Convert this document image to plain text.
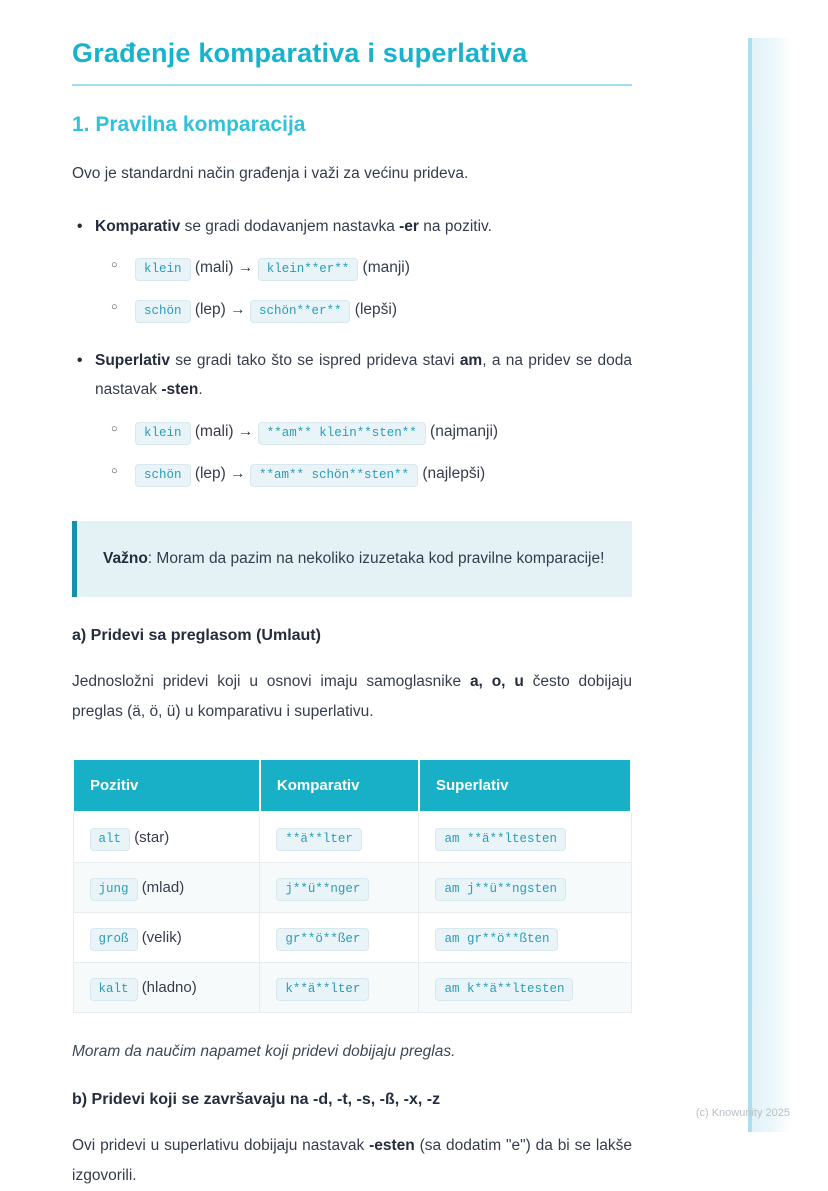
Građenje komparativa i superlativa
1. Pravilna komparacija

Ovo je standardni način građenja i važi za većinu prideva.

• Komparativ se gradi dodavanjem nastavka -er na pozitiv.
○ klein (mali) → klein**er** (manji)
○ schön (lep) → schön**er** (lepši)
• Superlativ se gradi tako što se ispred prideva stavi am, a na pridev se doda nastavak -sten.
○ klein (mali) → **am** klein**sten** (najmanji)
○ schön (lep) → **am** schön**sten** (najlepši)

Važno: Moram da pazim na nekoliko izuzetaka kod pravilne komparacije!

a) Pridevi sa preglasom (Umlaut)

Jednosložni pridevi koji u osnovi imaju samoglasnike a, o, u često dobijaju preglas (ä, ö, ü) u komparativu i superlativu.

Pozitiv	Komparativ	Superlativ
alt (star)	**ä**lter	am **ä**ltesten
jung (mlad)	j**ü**nger	am j**ü**ngsten
groß (velik)	gr**ö**ßer	am gr**ö**ßten
kalt (hladno)	k**ä**lter	am k**ä**ltesten

Moram da naučim napamet koji pridevi dobijaju preglas.

b) Pridevi koji se završavaju na -d, -t, -s, -ß, -x, -z

Ovi pridevi u superlativu dobijaju nastavak -esten (sa dodatim "e") da bi se lakše izgovorili.

(c) Knowunity 2025
